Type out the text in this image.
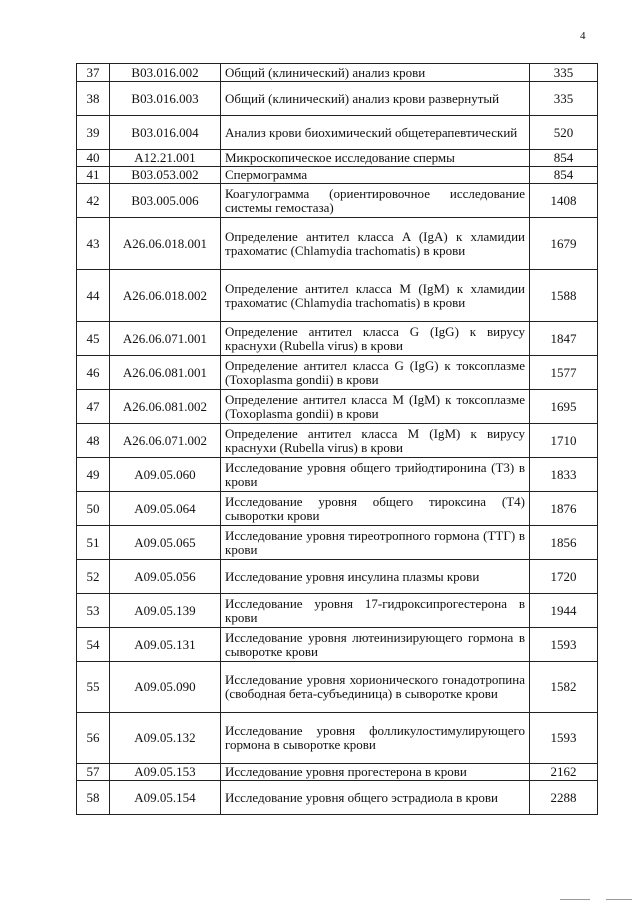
4
37	B03.016.002	Общий (клинический) анализ крови	335
38	B03.016.003	Общий (клинический) анализ крови развернутый	335
39	B03.016.004	Анализ крови биохимический общетерапевтический	520
40	A12.21.001	Микроскопическое исследование спермы	854
41	B03.053.002	Спермограмма	854
42	B03.005.006	Коагулограмма (ориентировочное исследование системы гемостаза)	1408
43	A26.06.018.001	Определение антител класса A (IgA) к хламидии трахоматис (Chlamydia trachomatis) в крови	1679
44	A26.06.018.002	Определение антител класса M (IgM) к хламидии трахоматис (Chlamydia trachomatis) в крови	1588
45	A26.06.071.001	Определение антител класса G (IgG) к вирусу краснухи (Rubella virus) в крови	1847
46	A26.06.081.001	Определение антител класса G (IgG) к токсоплазме (Toxoplasma gondii) в крови	1577
47	A26.06.081.002	Определение антител класса M (IgM) к токсоплазме (Toxoplasma gondii) в крови	1695
48	A26.06.071.002	Определение антител класса M (IgM) к вирусу краснухи (Rubella virus) в крови	1710
49	A09.05.060	Исследование уровня общего трийодтиронина (Т3) в крови	1833
50	A09.05.064	Исследование уровня общего тироксина (Т4) сыворотки крови	1876
51	A09.05.065	Исследование уровня тиреотропного гормона (ТТГ) в крови	1856
52	A09.05.056	Исследование уровня инсулина плазмы крови	1720
53	A09.05.139	Исследование уровня 17-гидроксипрогестерона в крови	1944
54	A09.05.131	Исследование уровня лютеинизирующего гормона в сыворотке крови	1593
55	A09.05.090	Исследование уровня хорионического гонадотропина (свободная бета-субъединица) в сыворотке крови	1582
56	A09.05.132	Исследование уровня фолликулостимулирующего гормона в сыворотке крови	1593
57	A09.05.153	Исследование уровня прогестерона в крови	2162
58	A09.05.154	Исследование уровня общего эстрадиола в крови	2288
